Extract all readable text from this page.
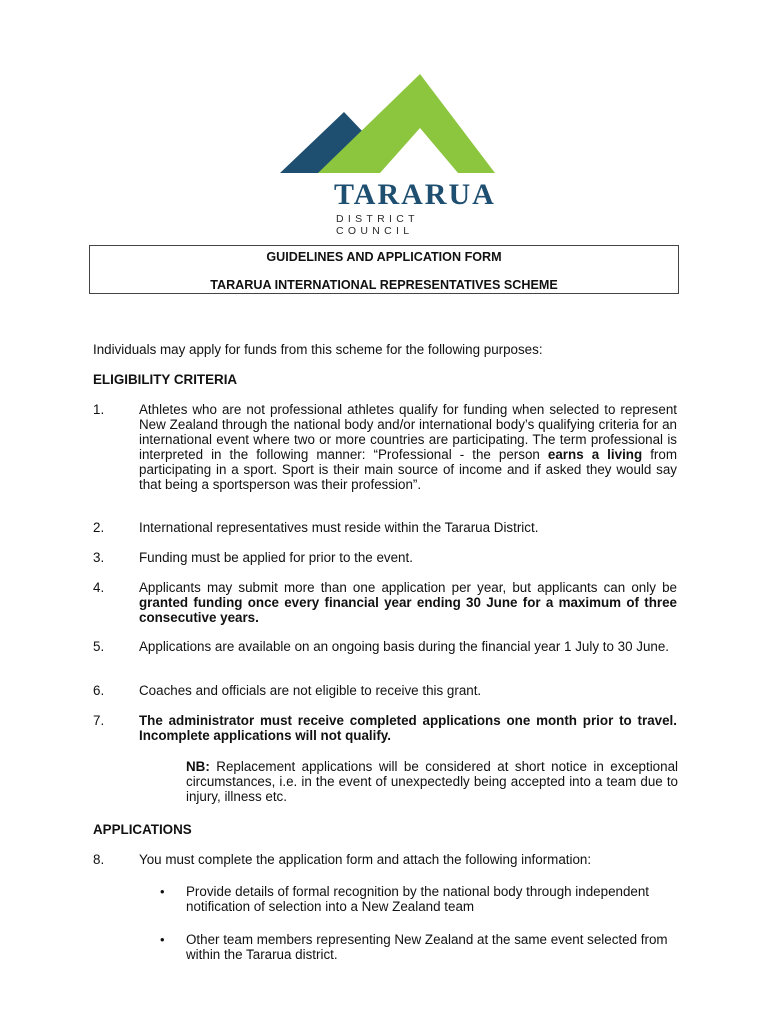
TARARUA
DISTRICT COUNCIL
GUIDELINES AND APPLICATION FORM
TARARUA INTERNATIONAL REPRESENTATIVES SCHEME
Individuals may apply for funds from this scheme for the following purposes:
ELIGIBILITY CRITERIA
1.	Athletes who are not professional athletes qualify for funding when selected to represent New Zealand through the national body and/or international body’s qualifying criteria for an international event where two or more countries are participating. The term professional is interpreted in the following manner: “Professional - the person earns a living from participating in a sport. Sport is their main source of income and if asked they would say that being a sportsperson was their profession”.
2.	International representatives must reside within the Tararua District.
3.	Funding must be applied for prior to the event.
4.	Applicants may submit more than one application per year, but applicants can only be granted funding once every financial year ending 30 June for a maximum of three consecutive years.
5.	Applications are available on an ongoing basis during the financial year 1 July to 30 June.
6.	Coaches and officials are not eligible to receive this grant.
7.	The administrator must receive completed applications one month prior to travel. Incomplete applications will not qualify.
NB: Replacement applications will be considered at short notice in exceptional circumstances, i.e. in the event of unexpectedly being accepted into a team due to injury, illness etc.
APPLICATIONS
8.	You must complete the application form and attach the following information:
• Provide details of formal recognition by the national body through independent notification of selection into a New Zealand team
• Other team members representing New Zealand at the same event selected from within the Tararua district.
